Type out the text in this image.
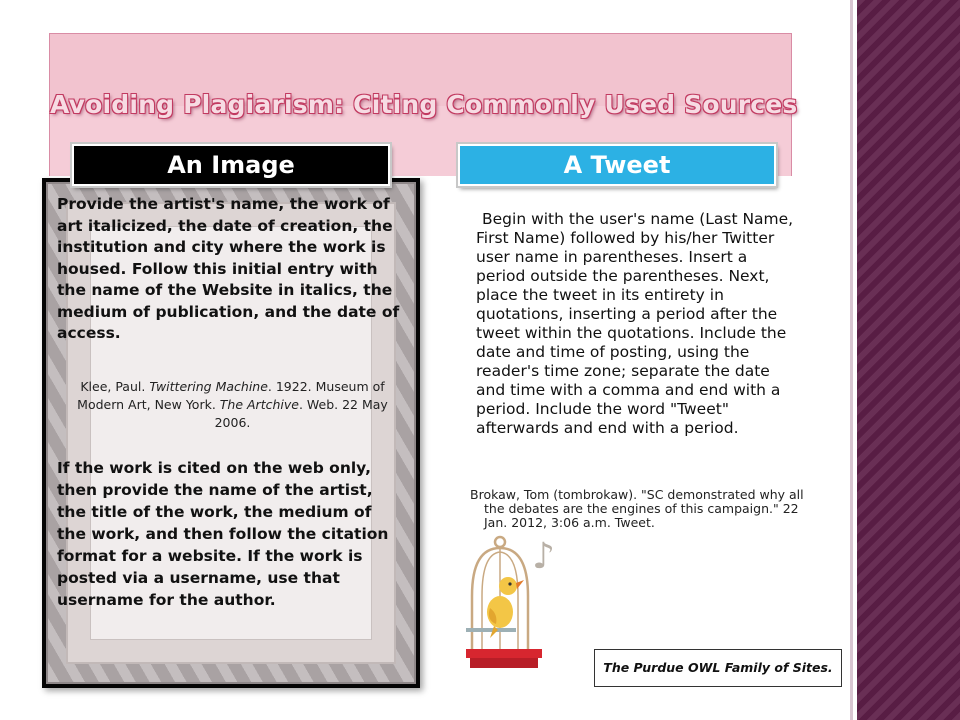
Avoiding Plagiarism: Citing Commonly Used Sources
An Image	A Tweet

Provide the artist's name, the work of art italicized, the date of creation, the institution and city where the work is housed. Follow this initial entry with the name of the Website in italics, the medium of publication, and the date of access.

Klee, Paul. Twittering Machine. 1922. Museum of Modern Art, New York. The Artchive. Web. 22 May 2006.

If the work is cited on the web only, then provide the name of the artist, the title of the work, the medium of the work, and then follow the citation format for a website. If the work is posted via a username, use that username for the author.

Begin with the user's name (Last Name, First Name) followed by his/her Twitter user name in parentheses. Insert a period outside the parentheses. Next, place the tweet in its entirety in quotations, inserting a period after the tweet within the quotations. Include the date and time of posting, using the reader's time zone; separate the date and time with a comma and end with a period. Include the word "Tweet" afterwards and end with a period.

Brokaw, Tom (tombrokaw). "SC demonstrated why all the debates are the engines of this campaign." 22 Jan. 2012, 3:06 a.m. Tweet.

♪
The Purdue OWL Family of Sites.
